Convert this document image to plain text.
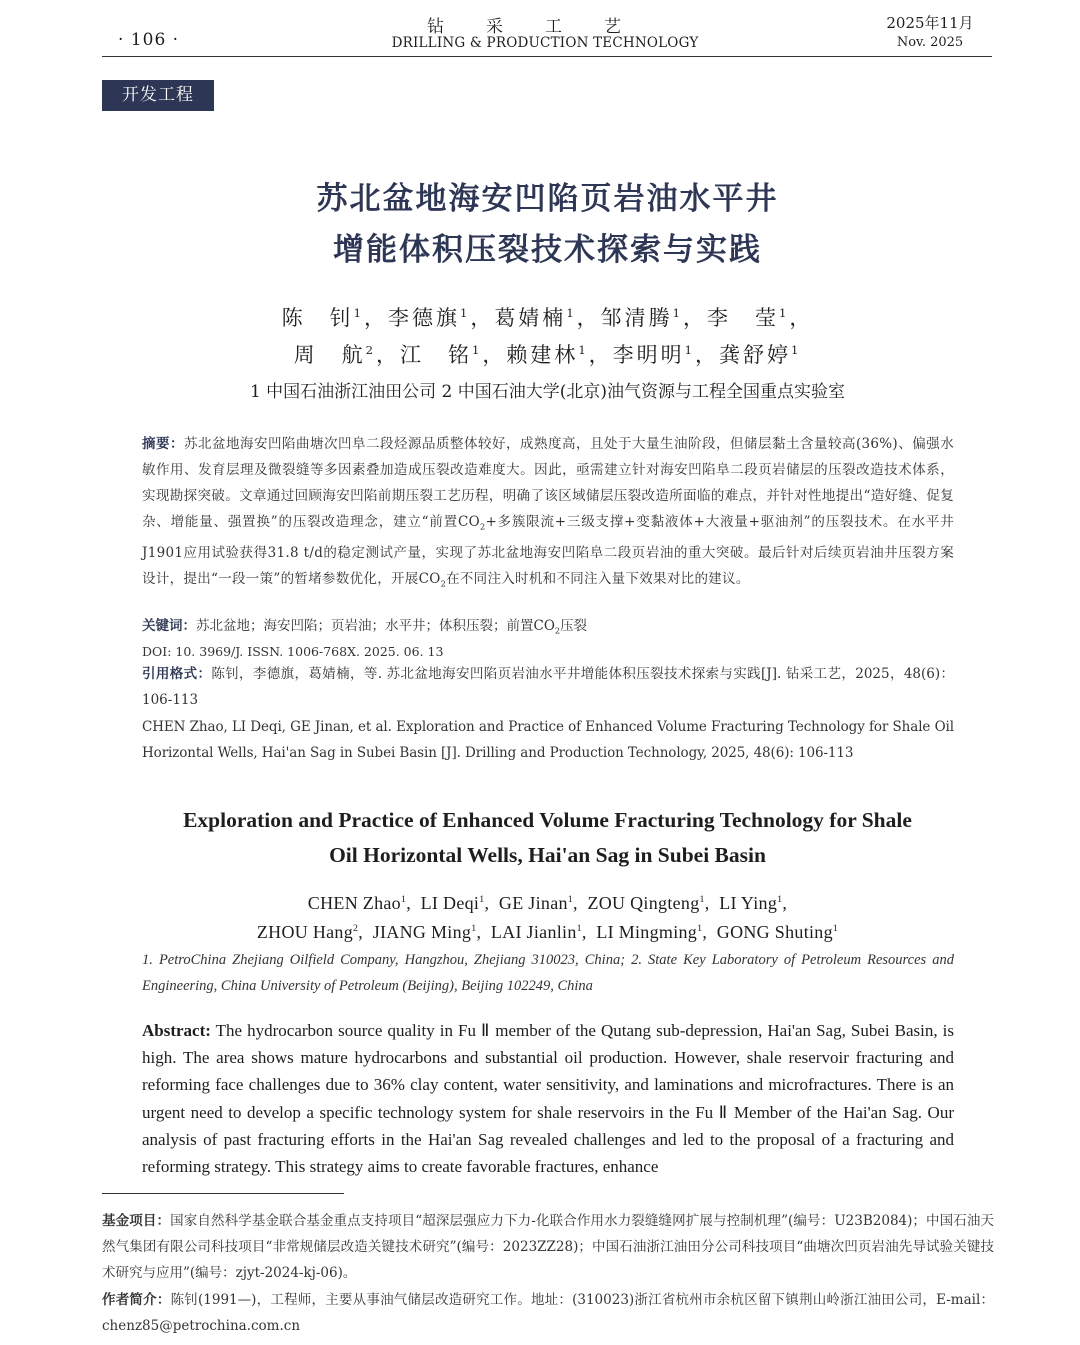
· 106 ·
钻采工艺
DRILLING & PRODUCTION TECHNOLOGY
2025年11月
Nov. 2025
开发工程
苏北盆地海安凹陷页岩油水平井
增能体积压裂技术探索与实践
陈　钊$^1$，李德旗$^1$，葛婧楠$^1$，邹清腾$^1$，李　莹$^1$，
周　航$^2$，江　铭$^1$，赖建林$^1$，李明明$^1$，龚舒婷$^1$
1 中国石油浙江油田公司 2 中国石油大学(北京)油气资源与工程全国重点实验室
摘要：苏北盆地海安凹陷曲塘次凹阜二段烃源品质整体较好，成熟度高，且处于大量生油阶段，但储层黏土含量较高(36%)、偏强水敏作用、发育层理及微裂缝等多因素叠加造成压裂改造难度大。因此，亟需建立针对海安凹陷阜二段页岩储层的压裂改造技术体系，实现勘探突破。文章通过回顾海安凹陷前期压裂工艺历程，明确了该区域储层压裂改造所面临的难点，并针对性地提出“造好缝、促复杂、增能量、强置换”的压裂改造理念，建立“前置$CO_2+$多簇限流+三级支撑+变黏液体+大液量+驱油剂”的压裂技术。在水平井J1901应用试验获得31.8 t/d的稳定测试产量，实现了苏北盆地海安凹陷阜二段页岩油的重大突破。最后针对后续页岩油井压裂方案设计，提出“一段一策”的暂堵参数优化，开展$CO_2$在不同注入时机和不同注入量下效果对比的建议。
关键词：苏北盆地；海安凹陷；页岩油；水平井；体积压裂；前置$CO_2$压裂
DOI: 10. 3969/J. ISSN. 1006-768X. 2025. 06. 13
引用格式：陈钊，李德旗，葛婧楠，等. 苏北盆地海安凹陷页岩油水平井增能体积压裂技术探索与实践[J]. 钻采工艺，2025，48(6)：106-113
CHEN Zhao, LI Deqi, GE Jinan, et al. Exploration and Practice of Enhanced Volume Fracturing Technology for Shale Oil Horizontal Wells, Hai'an Sag in Subei Basin [J]. Drilling and Production Technology, 2025, 48(6): 106-113
Exploration and Practice of Enhanced Volume Fracturing Technology for Shale
Oil Horizontal Wells, Hai'an Sag in Subei Basin
CHEN Zhao$^1$,  LI Deqi$^1$,  GE Jinan$^1$,  ZOU Qingteng$^1$,  LI Ying$^1$,
ZHOU Hang$^2$,  JIANG Ming$^1$,  LAI Jianlin$^1$,  LI Mingming$^1$,  GONG Shuting$^1$
1. PetroChina Zhejiang Oilfield Company, Hangzhou, Zhejiang 310023, China; 2. State Key Laboratory of Petroleum Resources and Engineering, China University of Petroleum (Beijing), Beijing 102249, China
Abstract: The hydrocarbon source quality in Fu Ⅱ member of the Qutang sub-depression, Hai'an Sag, Subei Basin, is high. The area shows mature hydrocarbons and substantial oil production. However, shale reservoir fracturing and reforming face challenges due to 36% clay content, water sensitivity, and laminations and microfractures. There is an urgent need to develop a specific technology system for shale reservoirs in the Fu Ⅱ Member of the Hai'an Sag. Our analysis of past fracturing efforts in the Hai'an Sag revealed challenges and led to the proposal of a fracturing and reforming strategy. This strategy aims to create favorable fractures, enhance
基金项目：国家自然科学基金联合基金重点支持项目“超深层强应力下力-化联合作用水力裂缝缝网扩展与控制机理”(编号：U23B2084)；中国石油天然气集团有限公司科技项目“非常规储层改造关键技术研究”(编号：2023ZZ28)；中国石油浙江油田分公司科技项目“曲塘次凹页岩油先导试验关键技术研究与应用”(编号：zjyt-2024-kj-06)。
作者简介：陈钊(1991—)，工程师，主要从事油气储层改造研究工作。地址：(310023)浙江省杭州市余杭区留下镇荆山岭浙江油田公司，E-mail：chenz85@petrochina.com.cn
